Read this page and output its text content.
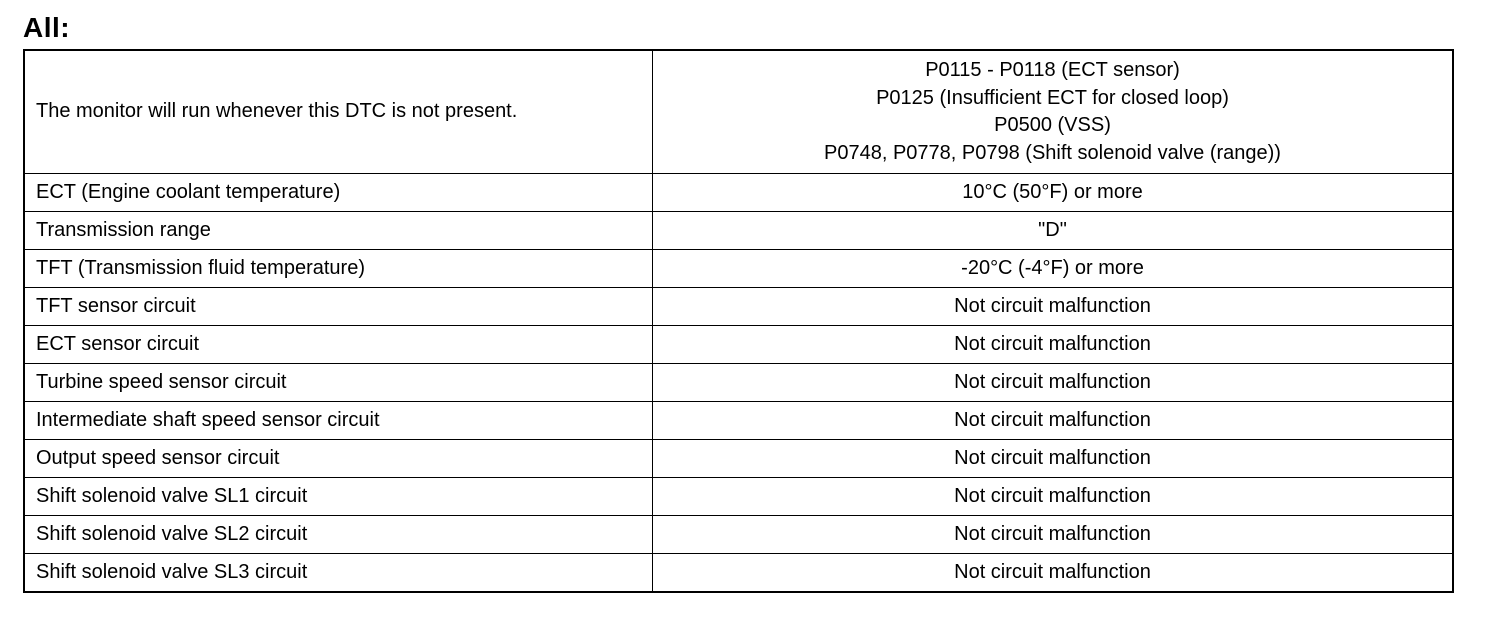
All:
The monitor will run whenever this DTC is not present.	P0115 - P0118 (ECT sensor)
P0125 (Insufficient ECT for closed loop)
P0500 (VSS)
P0748, P0778, P0798 (Shift solenoid valve (range))

ECT (Engine coolant temperature)	10°C (50°F) or more
Transmission range	"D"
TFT (Transmission fluid temperature)	-20°C (-4°F) or more
TFT sensor circuit	Not circuit malfunction
ECT sensor circuit	Not circuit malfunction
Turbine speed sensor circuit	Not circuit malfunction
Intermediate shaft speed sensor circuit	Not circuit malfunction
Output speed sensor circuit	Not circuit malfunction
Shift solenoid valve SL1 circuit	Not circuit malfunction
Shift solenoid valve SL2 circuit	Not circuit malfunction
Shift solenoid valve SL3 circuit	Not circuit malfunction
